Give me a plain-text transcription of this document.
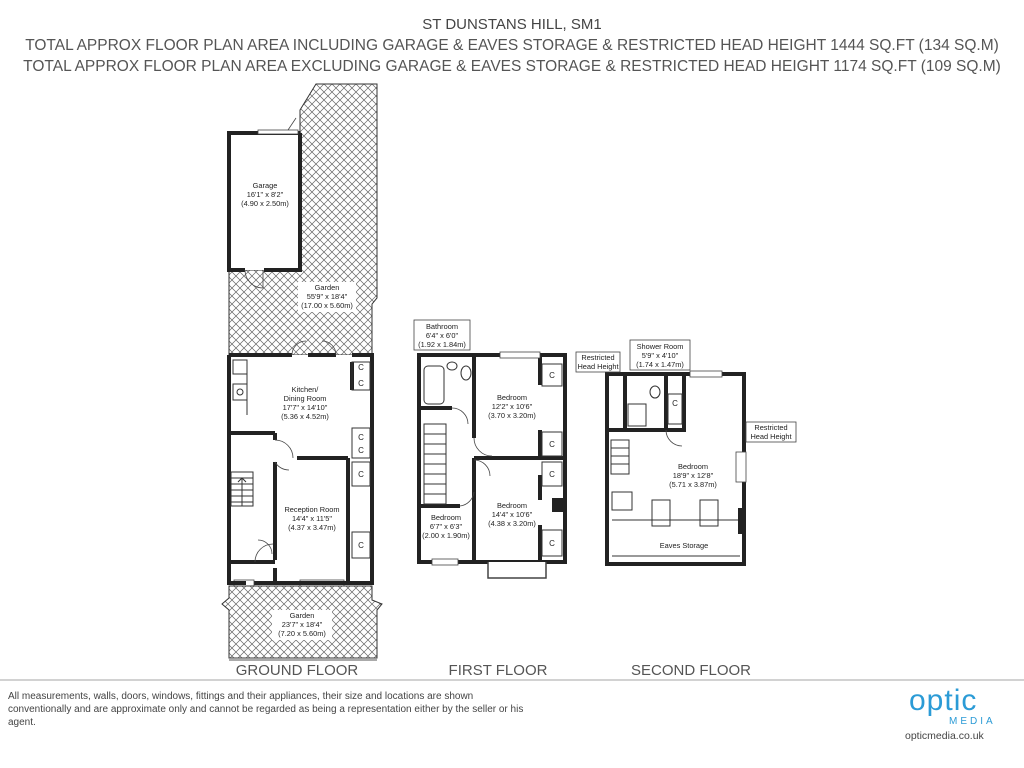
ST DUNSTANS HILL, SM1
TOTAL APPROX FLOOR PLAN AREA INCLUDING GARAGE & EAVES STORAGE & RESTRICTED HEAD HEIGHT 1444 SQ.FT (134 SQ.M)
TOTAL APPROX FLOOR PLAN AREA EXCLUDING GARAGE & EAVES STORAGE & RESTRICTED HEAD HEIGHT 1174 SQ.FT (109 SQ.M)
Garage
16'1" x 8'2"
(4.90 x 2.50m)
Garden
55'9" x 18'4"
(17.00 x 5.60m)
Kitchen/
Dining Room
17'7" x 14'10"
(5.36 x 4.52m)
Reception Room
14'4" x 11'5"
(4.37 x 3.47m)
Garden
23'7" x 18'4"
(7.20 x 5.60m)
C
C
C
C
C
C
GROUND FLOOR
Bathroom
6'4" x 6'0"
(1.92 x 1.84m)
Bedroom
12'2" x 10'6"
(3.70 x 3.20m)
Bedroom
14'4" x 10'6"
(4.38 x 3.20m)
Bedroom
6'7" x 6'3"
(2.00 x 1.90m)
C
C
C
C
FIRST FLOOR
Restricted
Head Height
Restricted
Head Height
Shower Room
5'9" x 4'10"
(1.74 x 1.47m)
Bedroom
18'9" x 12'8"
(5.71 x 3.87m)
Eaves Storage
C
SECOND FLOOR
All measurements, walls, doors, windows, fittings and their appliances, their size and locations are shown conventionally and are approximate only and cannot be regarded as being a representation either by the seller or his agent.
optic
MEDIA
opticmedia.co.uk
